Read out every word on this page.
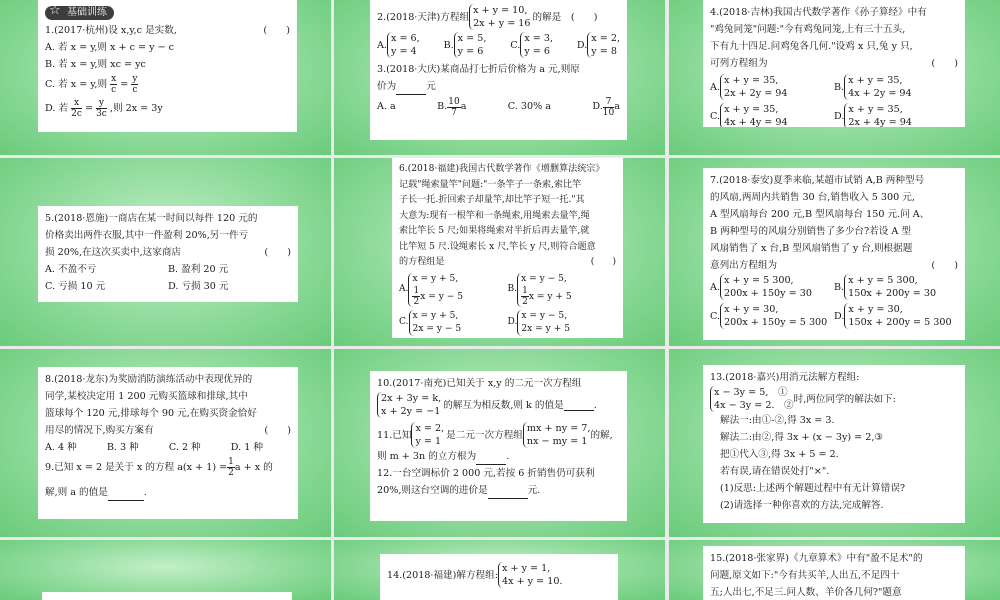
☆ 基础训练
1.(2017·杭州)设 x,y,c 是实数,	(　　)
A. 若 x = y,则 x + c = y − c
B. 若 x = y,则 xc = yc
C. 若 x = y,则 $\frac{x}{c} = \frac{y}{c}$
D. 若 $\frac{x}{2c} = \frac{y}{3c}$ ,则 2x = 3y
2.(2018·天津)方程组
x + y = 10,
2x + y = 16
的解是　(　　)
A.
x = 6,
y = 4
B.
x = 5,
y = 6
C.
x = 3,
y = 6
D.
x = 2,
y = 8
3.(2018·大庆)某商品打七折后价格为 a 元,则原
价为	元
A. a	B. $\frac{10}{7}$ a	C. 30% a	D. $\frac{7}{10}$ a
4.(2018·吉林)我国古代数学著作《孙子算经》中有
"鸡兔同笼"问题:"今有鸡兔同笼,上有三十五头,
下有九十四足.问鸡兔各几何."设鸡 x 只,兔 y 只,
可列方程组为	(　　)
A.
x + y = 35,
2x + 2y = 94
B.
x + y = 35,
4x + 2y = 94
C.
x + y = 35,
4x + 4y = 94
D.
x + y = 35,
2x + 4y = 94
5.(2018·恩施)一商店在某一时间以每件 120 元的
价格卖出两件衣服,其中一件盈利 20%,另一件亏
损 20%,在这次买卖中,这家商店	(　　)
A. 不盈不亏	B. 盈利 20 元
C. 亏损 10 元	D. 亏损 30 元
6.(2018·福建)我国古代数学著作《增删算法统宗》
记载"绳索量竿"问题:"一条竿子一条索,索比竿
子长一托.折回索子却量竿,却比竿子短一托."其
大意为:现有一根竿和一条绳索,用绳索去量竿,绳
索比竿长 5 尺;如果将绳索对半折后再去量竿,就
比竿短 5 尺.设绳索长 x 尺,竿长 y 尺,则符合题意
的方程组是	(　　)
A.
x = y + 5,
$\frac{1}{2}$ x = y − 5
B.
x = y − 5,
$\frac{1}{2}$ x = y + 5
C.
x = y + 5,
2x = y − 5
D.
x = y − 5,
2x = y + 5
7.(2018·泰安)夏季来临,某超市试销 A,B 两种型号
的风扇,两周内共销售 30 台,销售收入 5 300 元,
A 型风扇每台 200 元,B 型风扇每台 150 元.问 A、
B 两种型号的风扇分别销售了多少台?若设 A 型
风扇销售了 x 台,B 型风扇销售了 y 台,则根据题
意列出方程组为	(　　)
A.
x + y = 5 300,
200x + 150y = 30
B.
x + y = 5 300,
150x + 200y = 30
C.
x + y = 30,
200x + 150y = 5 300
D.
x + y = 30,
150x + 200y = 5 300
8.(2018·龙东)为奖励消防演练活动中表现优异的
同学,某校决定用 1 200 元购买篮球和排球,其中
篮球每个 120 元,排球每个 90 元,在购买资金恰好
用尽的情况下,购买方案有	(　　)
A. 4 种	B. 3 种	C. 2 种	D. 1 种
9.已知 x = 2 是关于 x 的方程 $a(x + 1) = \frac{1}{2}$ a + x 的
解,则 a 的值是	.
10.(2017·南充)已知关于 x,y 的二元一次方程组
2x + 3y = k,
x + 2y = −1
的解互为相反数,则 k 的值是	.
11.已知
x = 2,
y = 1
是二元一次方程组
mx + ny = 7,
nx − my = 1
的解,
则 m + 3n 的立方根为	.
12.一台空调标价 2 000 元,若按 6 折销售仍可获利
20%,则这台空调的进价是	元.
13.(2018·嘉兴)用消元法解方程组:
x − 3y = 5,　①
4x − 3y = 2.　②
时,两位同学的解法如下:
解法一:由①-②,得 3x = 3.
解法二:由②,得 3x + (x − 3y) = 2,③
把①代入③,得 3x + 5 = 2.
若有误,请在错误处打"×".
(1)反思:上述两个解题过程中有无计算错误?
(2)请选择一种你喜欢的方法,完成解答.
14.(2018·福建)解方程组:
x + y = 1,
4x + y = 10.
15.(2018·张家界)《九章算术》中有"盈不足术"的
问题,原文如下:"今有共买羊,人出五,不足四十
五;人出七,不足三.问人数、羊价各几何?"题意
